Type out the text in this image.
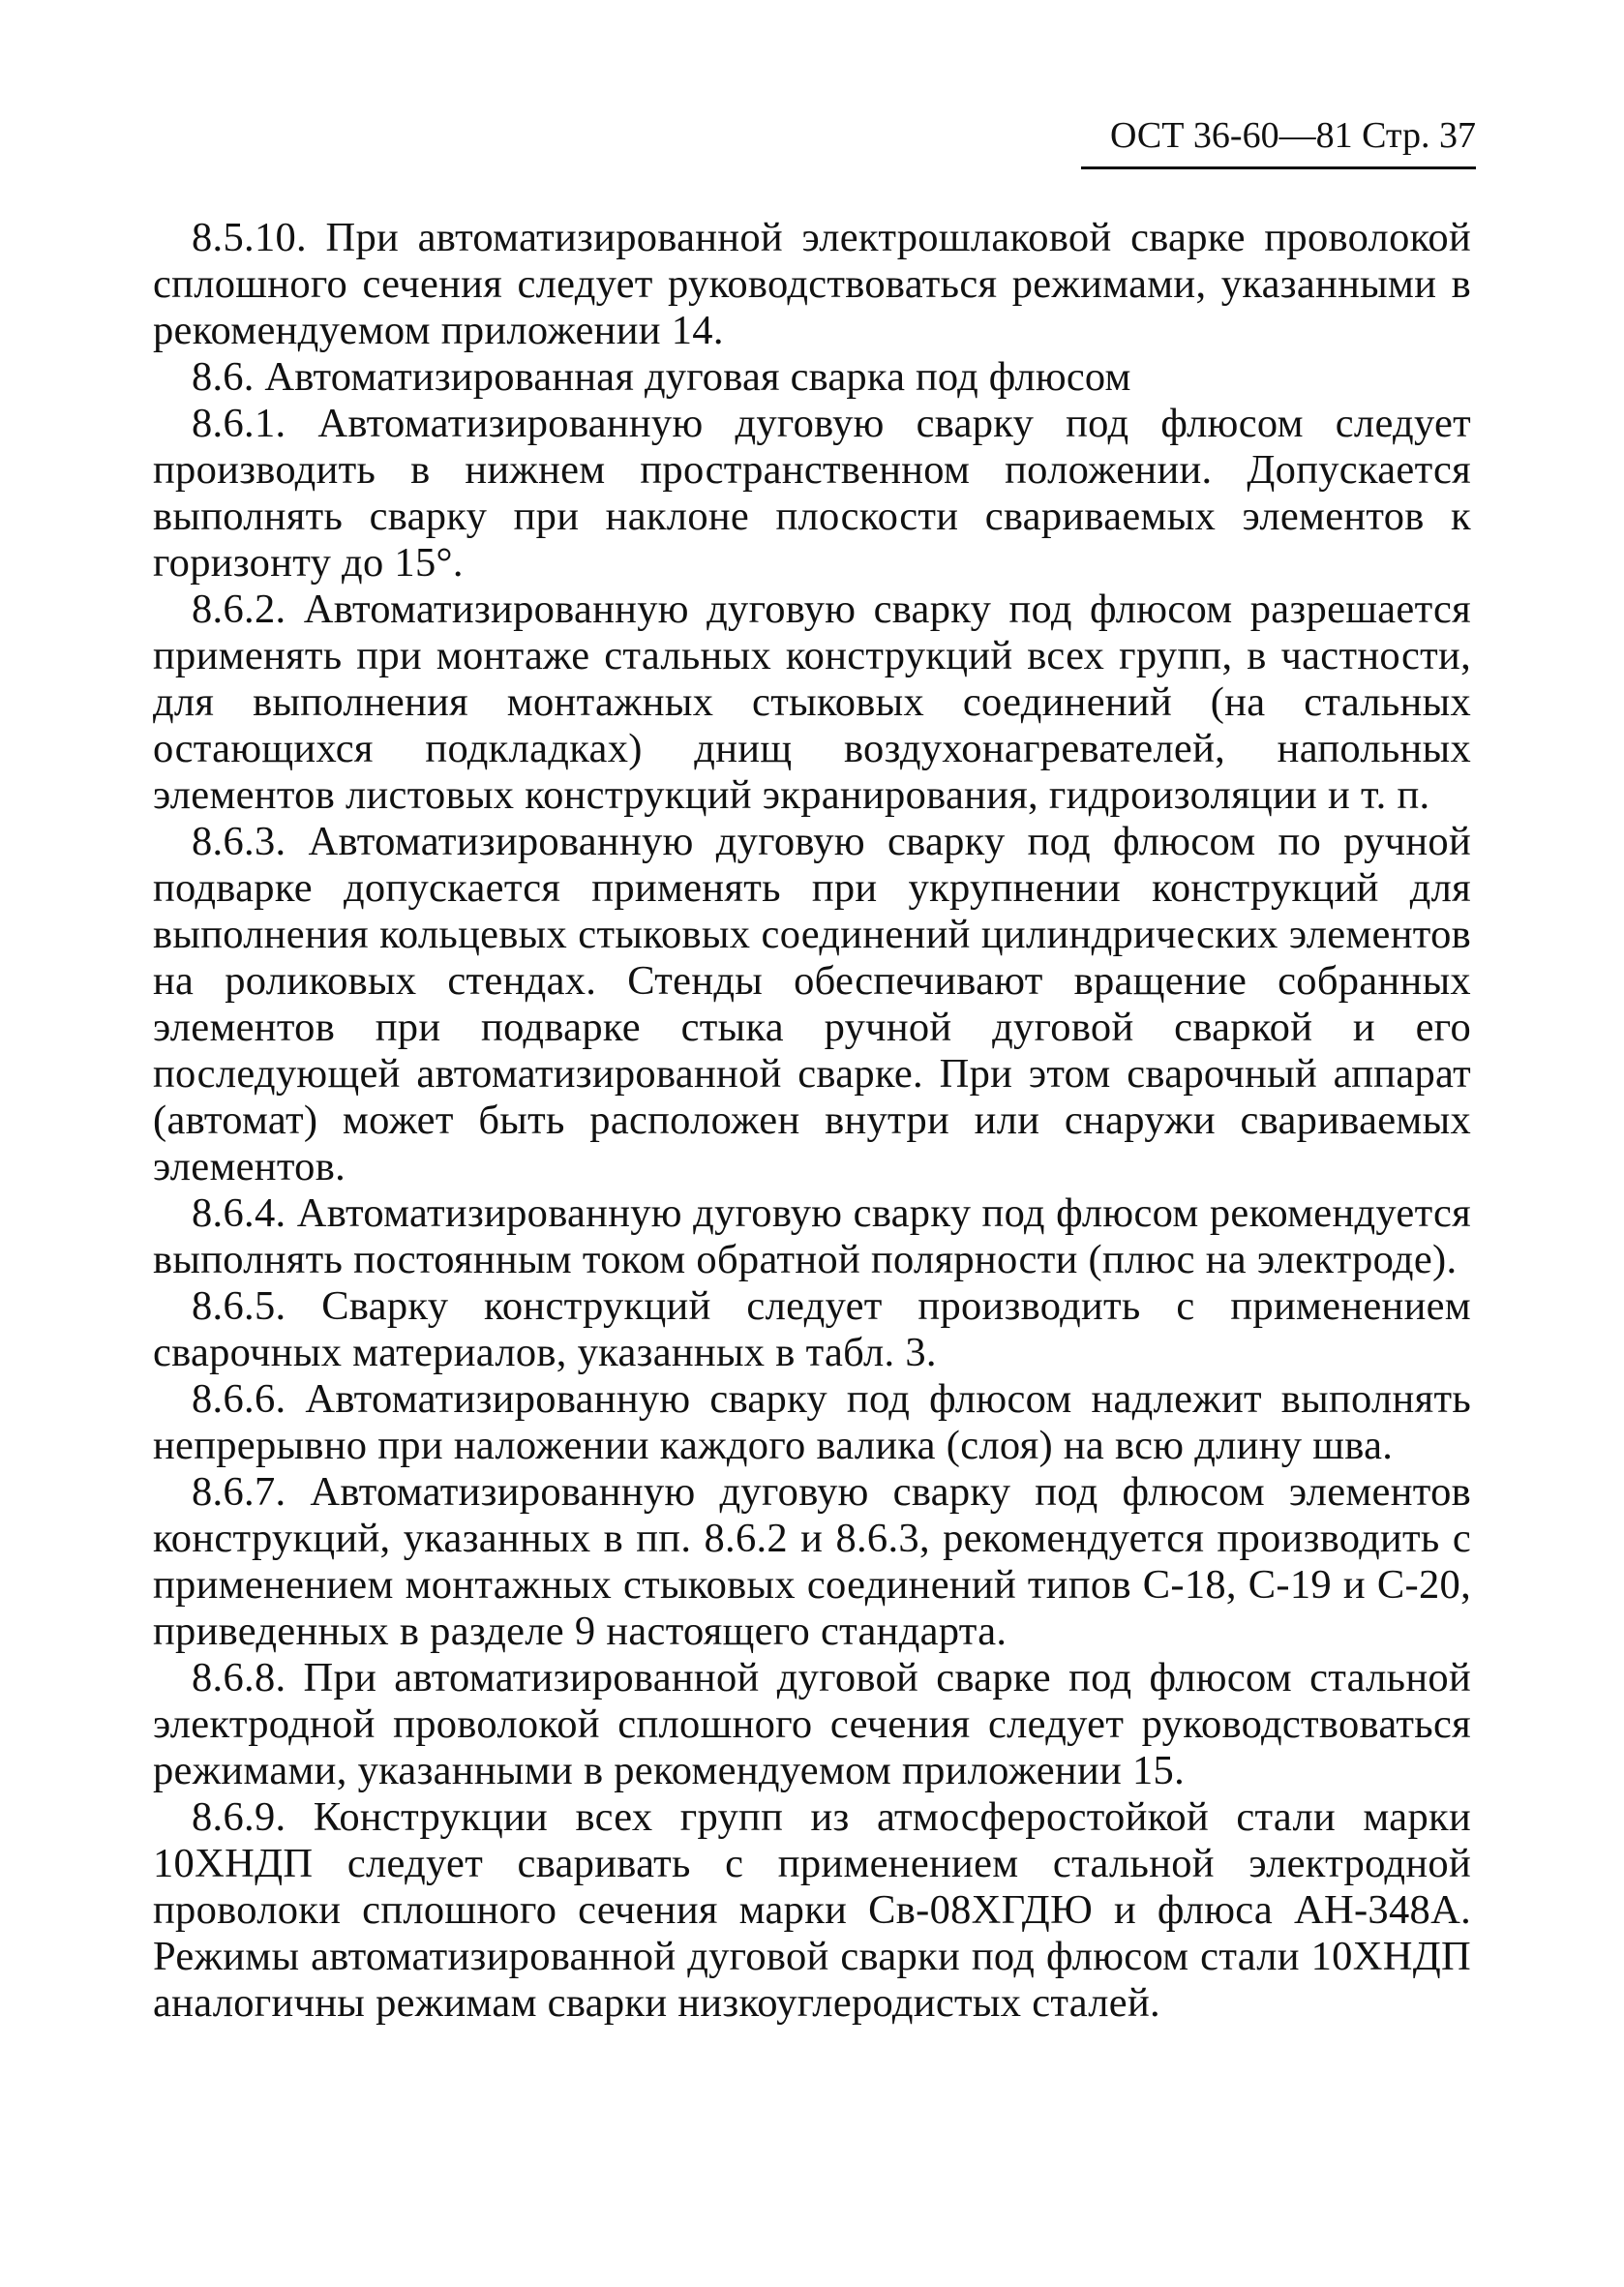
ОСТ 36-60—81 Стр. 37

8.5.10. При автоматизированной электрошлаковой сварке проволокой сплошного сечения следует руководствоваться режимами, указанными в рекомендуемом приложении 14.

8.6. Автоматизированная дуговая сварка под флюсом

8.6.1. Автоматизированную дуговую сварку под флюсом следует производить в нижнем пространственном положении. Допускается выполнять сварку при наклоне плоскости свариваемых элементов к горизонту до 15°.

8.6.2. Автоматизированную дуговую сварку под флюсом разрешается применять при монтаже стальных конструкций всех групп, в частности, для выполнения монтажных стыковых соединений (на стальных остающихся подкладках) днищ воздухонагревателей, напольных элементов листовых конструкций экранирования, гидроизоляции и т. п.

8.6.3. Автоматизированную дуговую сварку под флюсом по ручной подварке допускается применять при укрупнении конструкций для выполнения кольцевых стыковых соединений цилиндрических элементов на роликовых стендах. Стенды обеспечивают вращение собранных элементов при подварке стыка ручной дуговой сваркой и его последующей автоматизированной сварке. При этом сварочный аппарат (автомат) может быть расположен внутри или снаружи свариваемых элементов.

8.6.4. Автоматизированную дуговую сварку под флюсом рекомендуется выполнять постоянным током обратной полярности (плюс на электроде).

8.6.5. Сварку конструкций следует производить с применением сварочных материалов, указанных в табл. 3.

8.6.6. Автоматизированную сварку под флюсом надлежит выполнять непрерывно при наложении каждого валика (слоя) на всю длину шва.

8.6.7. Автоматизированную дуговую сварку под флюсом элементов конструкций, указанных в пп. 8.6.2 и 8.6.3, рекомендуется производить с применением монтажных стыковых соединений типов С-18, С-19 и С-20, приведенных в разделе 9 настоящего стандарта.

8.6.8. При автоматизированной дуговой сварке под флюсом стальной электродной проволокой сплошного сечения следует руководствоваться режимами, указанными в рекомендуемом приложении 15.

8.6.9. Конструкции всех групп из атмосферостойкой стали марки 10ХНДП следует сваривать с применением стальной электродной проволоки сплошного сечения марки Св-08ХГДЮ и флюса АН-348А. Режимы автоматизированной дуговой сварки под флюсом стали 10ХНДП аналогичны режимам сварки низкоуглеродистых сталей.
